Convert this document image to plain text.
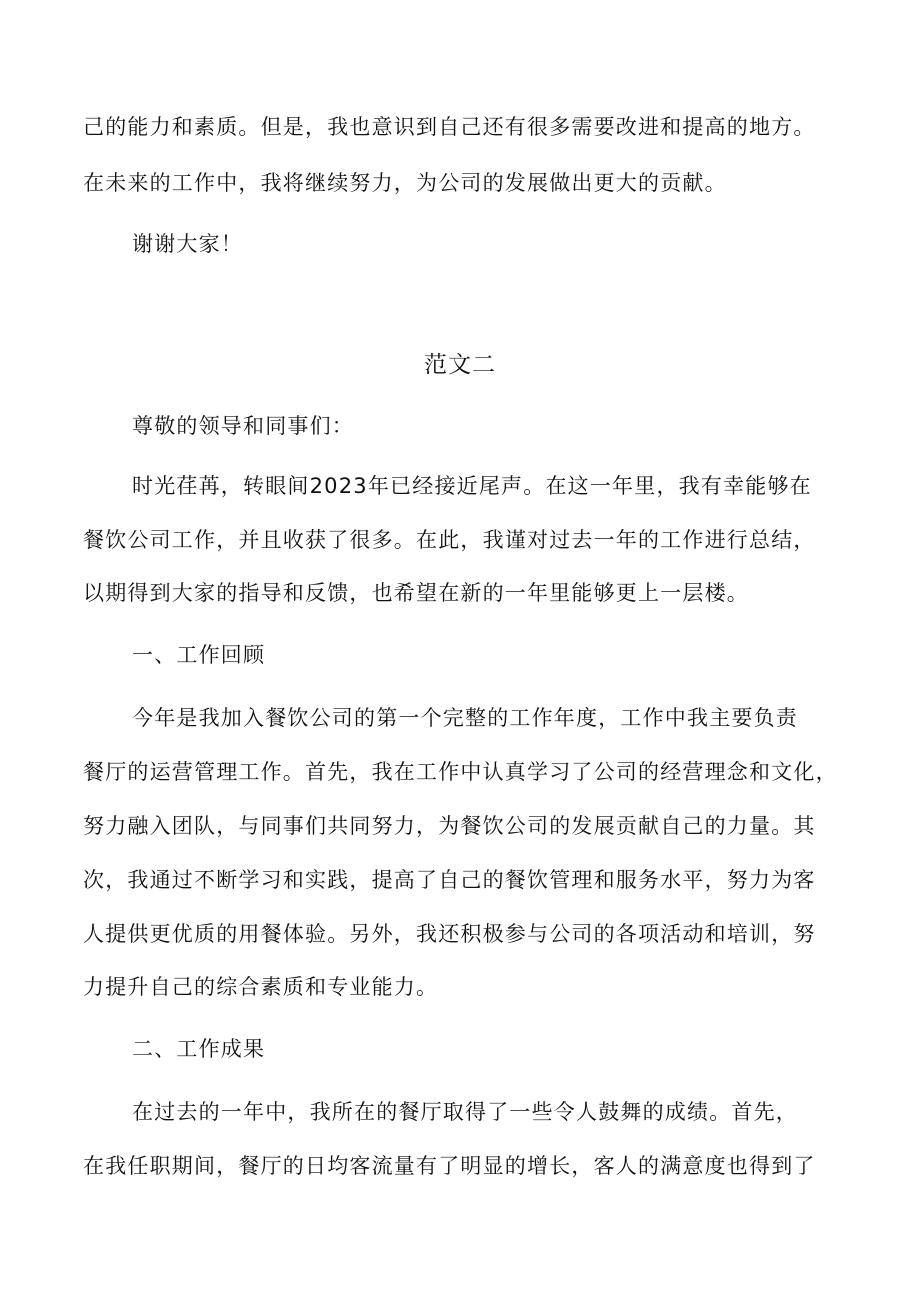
己的能力和素质。但是，我也意识到自己还有很多需要改进和提高的地方。
在未来的工作中，我将继续努力，为公司的发展做出更大的贡献。
谢谢大家！
范文二
尊敬的领导和同事们：
时光荏苒，转眼间2023年已经接近尾声。在这一年里，我有幸能够在
餐饮公司工作，并且收获了很多。在此，我谨对过去一年的工作进行总结，
以期得到大家的指导和反馈，也希望在新的一年里能够更上一层楼。
一、工作回顾
今年是我加入餐饮公司的第一个完整的工作年度，工作中我主要负责
餐厅的运营管理工作。首先，我在工作中认真学习了公司的经营理念和文化，
努力融入团队，与同事们共同努力，为餐饮公司的发展贡献自己的力量。其
次，我通过不断学习和实践，提高了自己的餐饮管理和服务水平，努力为客
人提供更优质的用餐体验。另外，我还积极参与公司的各项活动和培训，努
力提升自己的综合素质和专业能力。
二、工作成果
在过去的一年中，我所在的餐厅取得了一些令人鼓舞的成绩。首先，
在我任职期间，餐厅的日均客流量有了明显的增长，客人的满意度也得到了
